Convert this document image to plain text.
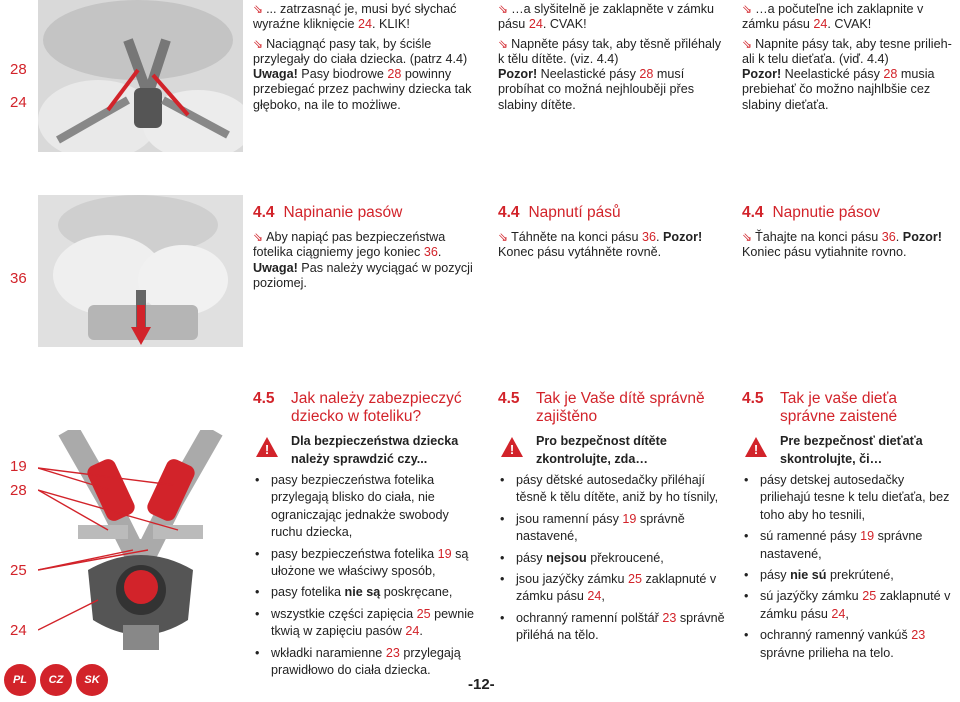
28
24
⇘ ... zatrzasnąć je, musi być słychać wyraźne kliknięcie 24. KLIK!
⇘ Naciągnąć pasy tak, by ściśle przylegały do ciała dziecka. (patrz 4.4)
Uwaga! Pasy biodrowe 28 powinny przebiegać przez pachwiny dziecka tak głęboko, na ile to możliwe.
⇘ …a slyšitelně je zaklapněte v zámku pásu 24. CVAK!
⇘ Napněte pásy tak, aby těsně přiléhaly k tělu dítěte. (viz. 4.4)
Pozor! Neelastické pásy 28 musí probíhat co možná nejhlouběji přes slabiny dítěte.
⇘ …a počuteľne ich zaklapnite v zámku pásu 24. CVAK!
⇘ Napnite pásy tak, aby tesne priliehali k telu dieťaťa. (viď. 4.4)
Pozor! Neelastické pásy 28 musia prebiehať čo možno najhlbšie cez slabiny dieťaťa.
36
4.4 Napinanie pasów
⇘ Aby napiąć pas bezpieczeństwa fotelika ciągniemy jego koniec 36. Uwaga! Pas należy wyciągać w pozycji poziomej.
4.4 Napnutí pásů
⇘ Táhněte na konci pásu 36. Pozor! Konec pásu vytáhněte rovně.
4.4 Napnutie pásov
⇘ Ťahajte na konci pásu 36. Pozor! Koniec pásu vytiahnite rovno.
19
28
25
24
4.5	Jak należy zabezpieczyć dziecko w foteliku?
!
Dla bezpieczeństwa dziecka należy sprawdzić czy...
• pasy bezpieczeństwa fotelika przylegają blisko do ciała, nie ograniczając jednakże swobody ruchu dziecka,
• pasy bezpieczeństwa fotelika 19 są ułożone we właściwy sposób,
• pasy fotelika nie są poskręcane,
• wszystkie części zapięcia 25 pewnie tkwią w zapięciu pasów 24.
• wkładki naramienne 23 przylegają prawidłowo do ciała dziecka.
4.5	Tak je Vaše dítě správně zajištěno
!
Pro bezpečnost dítěte zkontrolujte, zda…
• pásy dětské autosedačky přiléhají těsně k tělu dítěte, aniž by ho tísnily,
• jsou ramenní pásy 19 správně nastavené,
• pásy nejsou překroucené,
• jsou jazýčky zámku 25 zaklapnuté v zámku pásu 24,
• ochranný ramenní polštář 23 správně přiléhá na tělo.
4.5	Tak je vaše dieťa správne zaistené
!
Pre bezpečnosť dieťaťa skontrolujte, či…
• pásy detskej autosedačky priliehajú tesne k telu dieťaťa, bez toho aby ho tesnili,
• sú ramenné pásy 19 správne nastavené,
• pásy nie sú prekrútené,
• sú jazýčky zámku 25 zaklapnuté v zámku pásu 24,
• ochranný ramenný vankúš 23 správne prilieha na telo.
PL CZ SK	-12-
